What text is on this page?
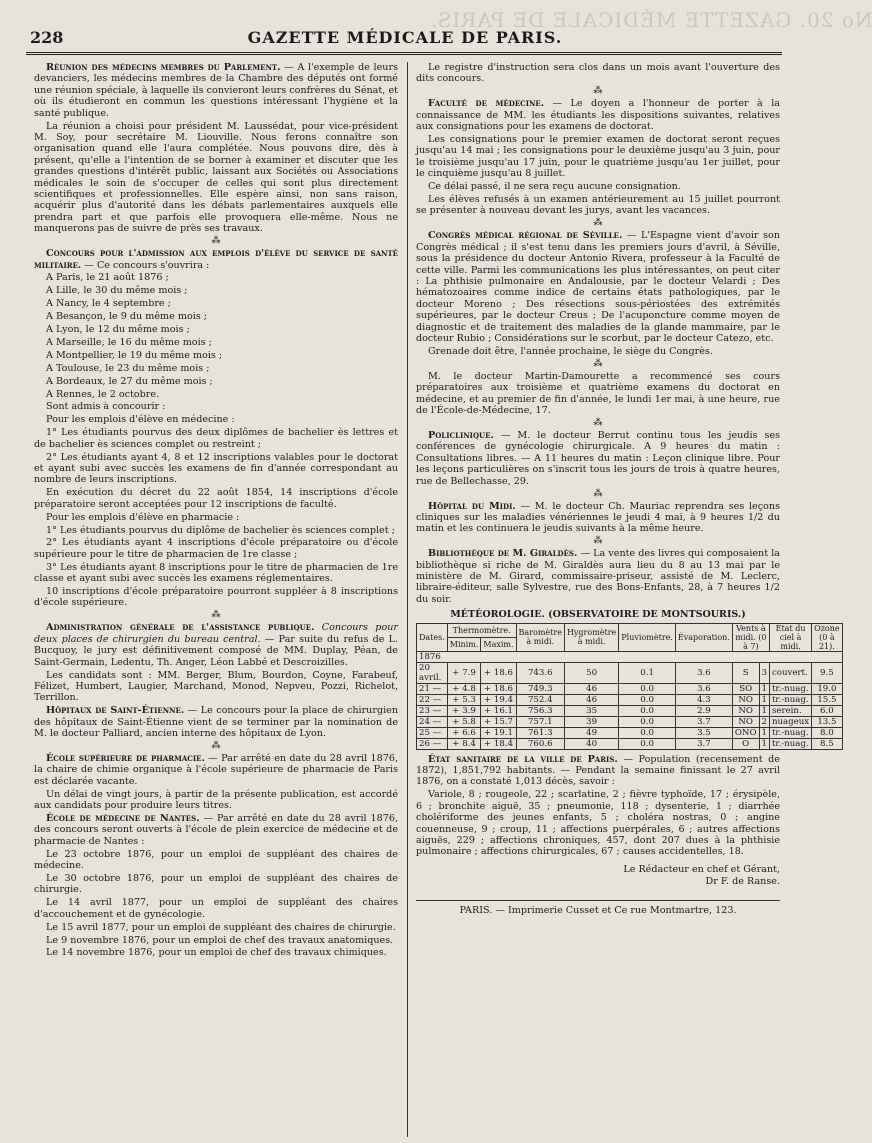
No 20. GAZETTE MÉDICALE DE PARIS.
228	GAZETTE MÉDICALE DE PARIS.

Réunion des médecins membres du Parlement. — A l'exemple de leurs devanciers, les médecins membres de la Chambre des députés ont formé une réunion spéciale, à laquelle ils convieront leurs confrères du Sénat, et où ils étudieront en commun les questions intéressant l'hygiène et la santé publique.

La réunion a choisi pour président M. Laussédat, pour vice-président M. Soy, pour secrétaire M. Liouville. Nous ferons connaître son organisation quand elle l'aura complétée. Nous pouvons dire, dès à présent, qu'elle a l'intention de se borner à examiner et discuter que les grandes questions d'intérêt public, laissant aux Sociétés ou Associations médicales le soin de s'occuper de celles qui sont plus directement scientifiques et professionnelles. Elle espère ainsi, non sans raison, acquérir plus d'autorité dans les débats parlementaires auxquels elle prendra part et que parfois elle provoquera elle-même. Nous ne manquerons pas de suivre de près ses travaux.

⁂

Concours pour l'admission aux emplois d'élève du service de santé militaire. — Ce concours s'ouvrira :

A Paris, le 21 août 1876 ;

A Lille, le 30 du même mois ;

A Nancy, le 4 septembre ;

A Besançon, le 9 du même mois ;

A Lyon, le 12 du même mois ;

A Marseille, le 16 du même mois ;

A Montpellier, le 19 du même mois ;

A Toulouse, le 23 du même mois ;

A Bordeaux, le 27 du même mois ;

A Rennes, le 2 octobre.

Sont admis à concourir :

Pour les emplois d'élève en médecine :

1° Les étudiants pourvus des deux diplômes de bachelier ès lettres et de bachelier ès sciences complet ou restreint ;

2° Les étudiants ayant 4, 8 et 12 inscriptions valables pour le doctorat et ayant subi avec succès les examens de fin d'année correspondant au nombre de leurs inscriptions.

En exécution du décret du 22 août 1854, 14 inscriptions d'école préparatoire seront acceptées pour 12 inscriptions de faculté.

Pour les emplois d'élève en pharmacie :

1° Les étudiants pourvus du diplôme de bachelier ès sciences complet ;

2° Les étudiants ayant 4 inscriptions d'école préparatoire ou d'école supérieure pour le titre de pharmacien de 1re classe ;

3° Les étudiants ayant 8 inscriptions pour le titre de pharmacien de 1re classe et ayant subi avec succès les examens réglementaires.

10 inscriptions d'école préparatoire pourront suppléer à 8 inscriptions d'école supérieure.

⁂

Administration générale de l'assistance publique. Concours pour deux places de chirurgien du bureau central. — Par suite du refus de L. Bucquoy, le jury est définitivement composé de MM. Duplay, Péan, de Saint-Germain, Ledentu, Th. Anger, Léon Labbé et Descroizilles.

Les candidats sont : MM. Berger, Blum, Bourdon, Coyne, Farabeuf, Félizet, Humbert, Laugier, Marchand, Monod, Nepveu, Pozzi, Richelot, Terrillon.

Hôpitaux de Saint-Étienne. — Le concours pour la place de chirurgien des hôpitaux de Saint-Étienne vient de se terminer par la nomination de M. le docteur Palliard, ancien interne des hôpitaux de Lyon.

⁂

École supérieure de pharmacie. — Par arrêté en date du 28 avril 1876, la chaire de chimie organique à l'école supérieure de pharmacie de Paris est déclarée vacante.

Un délai de vingt jours, à partir de la présente publication, est accordé aux candidats pour produire leurs titres.

École de médecine de Nantes. — Par arrêté en date du 28 avril 1876, des concours seront ouverts à l'école de plein exercice de médecine et de pharmacie de Nantes :

Le 23 octobre 1876, pour un emploi de suppléant des chaires de médecine.

Le 30 octobre 1876, pour un emploi de suppléant des chaires de chirurgie.

Le 14 avril 1877, pour un emploi de suppléant des chaires d'accouchement et de gynécologie.

Le 15 avril 1877, pour un emploi de suppléant des chaires de chirurgie.

Le 9 novembre 1876, pour un emploi de chef des travaux anatomiques.

Le 14 novembre 1876, pour un emploi de chef des travaux chimiques.

Le registre d'instruction sera clos dans un mois avant l'ouverture des dits concours.

⁂

Faculté de médecine. — Le doyen a l'honneur de porter à la connaissance de MM. les étudiants les dispositions suivantes, relatives aux consignations pour les examens de doctorat.

Les consignations pour le premier examen de doctorat seront reçues jusqu'au 14 mai ; les consignations pour le deuxième jusqu'au 3 juin, pour le troisième jusqu'au 17 juin, pour le quatrième jusqu'au 1er juillet, pour le cinquième jusqu'au 8 juillet.

Ce délai passé, il ne sera reçu aucune consignation.

Les élèves refusés à un examen antérieurement au 15 juillet pourront se présenter à nouveau devant les jurys, avant les vacances.

⁂

Congrès médical régional de Séville. — L'Espagne vient d'avoir son Congrès médical ; il s'est tenu dans les premiers jours d'avril, à Séville, sous la présidence du docteur Antonio Rivera, professeur à la Faculté de cette ville. Parmi les communications les plus intéressantes, on peut citer : La phthisie pulmonaire en Andalousie, par le docteur Velardi ; Des hématozoaires comme indice de certains états pathologiques, par le docteur Moreno ; Des résections sous-périostées des extrémités supérieures, par le docteur Creus ; De l'acuponcture comme moyen de diagnostic et de traitement des maladies de la glande mammaire, par le docteur Rubio ; Considérations sur le scorbut, par le docteur Catezo, etc.

Grenade doit être, l'année prochaine, le siège du Congrès.

⁂

M. le docteur Martin-Damourette a recommencé ses cours préparatoires aux troisième et quatrième examens du doctorat en médecine, et au premier de fin d'année, le lundi 1er mai, à une heure, rue de l'École-de-Médecine, 17.

⁂

Policlinique. — M. le docteur Berrut continu tous les jeudis ses conférences de gynécologie chirurgicale. A 9 heures du matin : Consultations libres. — A 11 heures du matin : Leçon clinique libre. Pour les leçons particulières on s'inscrit tous les jours de trois à quatre heures, rue de Bellechasse, 29.

⁂

Hôpital du Midi. — M. le docteur Ch. Mauriac reprendra ses leçons cliniques sur les maladies vénériennes le jeudi 4 mai, à 9 heures 1/2 du matin et les continuera le jeudis suivants à la même heure.

⁂

Bibliothèque de M. Giraldès. — La vente des livres qui composaient la bibliothèque si riche de M. Giraldès aura lieu du 8 au 13 mai par le ministère de M. Girard, commissaire-priseur, assisté de M. Leclerc, libraire-éditeur, salle Sylvestre, rue des Bons-Enfants, 28, à 7 heures 1/2 du soir.

MÉTÉOROLOGIE. (OBSERVATOIRE DE MONTSOURIS.)
Dates.	Thermomètre.		Baromètre à midi.	Hygromètre à midi.	Pluviomètre.	Évaporation.	Vents à midi. (0 à 7)		État du ciel à midi.	Ozone (0 à 21).
	Minim.	Maxim.								
1876										
20 avril.	+ 7.9	+ 18.6	743.6	50	0.1	3.6	S	3	couvert.	9.5
21 —	+ 4.8	+ 18.6	749.3	46	0.0	3.6	SO	1	tr.-nuag.	19.0
22 —	+ 5.3	+ 19.4	752.4	46	0.0	4.3	NO	1	tr.-nuag.	15.5
23 —	+ 3.9	+ 16.1	756.3	35	0.0	2.9	NO	1	serein.	6.0
24 —	+ 5.8	+ 15.7	757.1	39	0.0	3.7	NO	2	nuageux	13.5
25 —	+ 6.6	+ 19.1	761.3	49	0.0	3.5	ONO	1	tr.-nuag.	8.0
26 —	+ 8.4	+ 18.4	760.6	40	0.0	3.7	O	1	tr.-nuag.	8.5

État sanitaire de la ville de Paris. — Population (recensement de 1872), 1,851,792 habitants. — Pendant la semaine finissant le 27 avril 1876, on a constaté 1,013 décès, savoir :

Variole, 8 ; rougeole, 22 ; scarlatine, 2 ; fièvre typhoïde, 17 ; érysipèle, 6 ; bronchite aiguë, 35 ; pneumonie, 118 ; dysenterie, 1 ; diarrhée cholériforme des jeunes enfants, 5 ; choléra nostras, 0 ; angine couenneuse, 9 ; croup, 11 ; affections puerpérales, 6 ; autres affections aiguës, 229 ; affections chroniques, 457, dont 207 dues à la phthisie pulmonaire ; affections chirurgicales, 67 ; causes accidentelles, 18.

Le Rédacteur en chef et Gérant,
Dr F. de Ranse.
PARIS. — Imprimerie Cusset et Ce rue Montmartre, 123.
